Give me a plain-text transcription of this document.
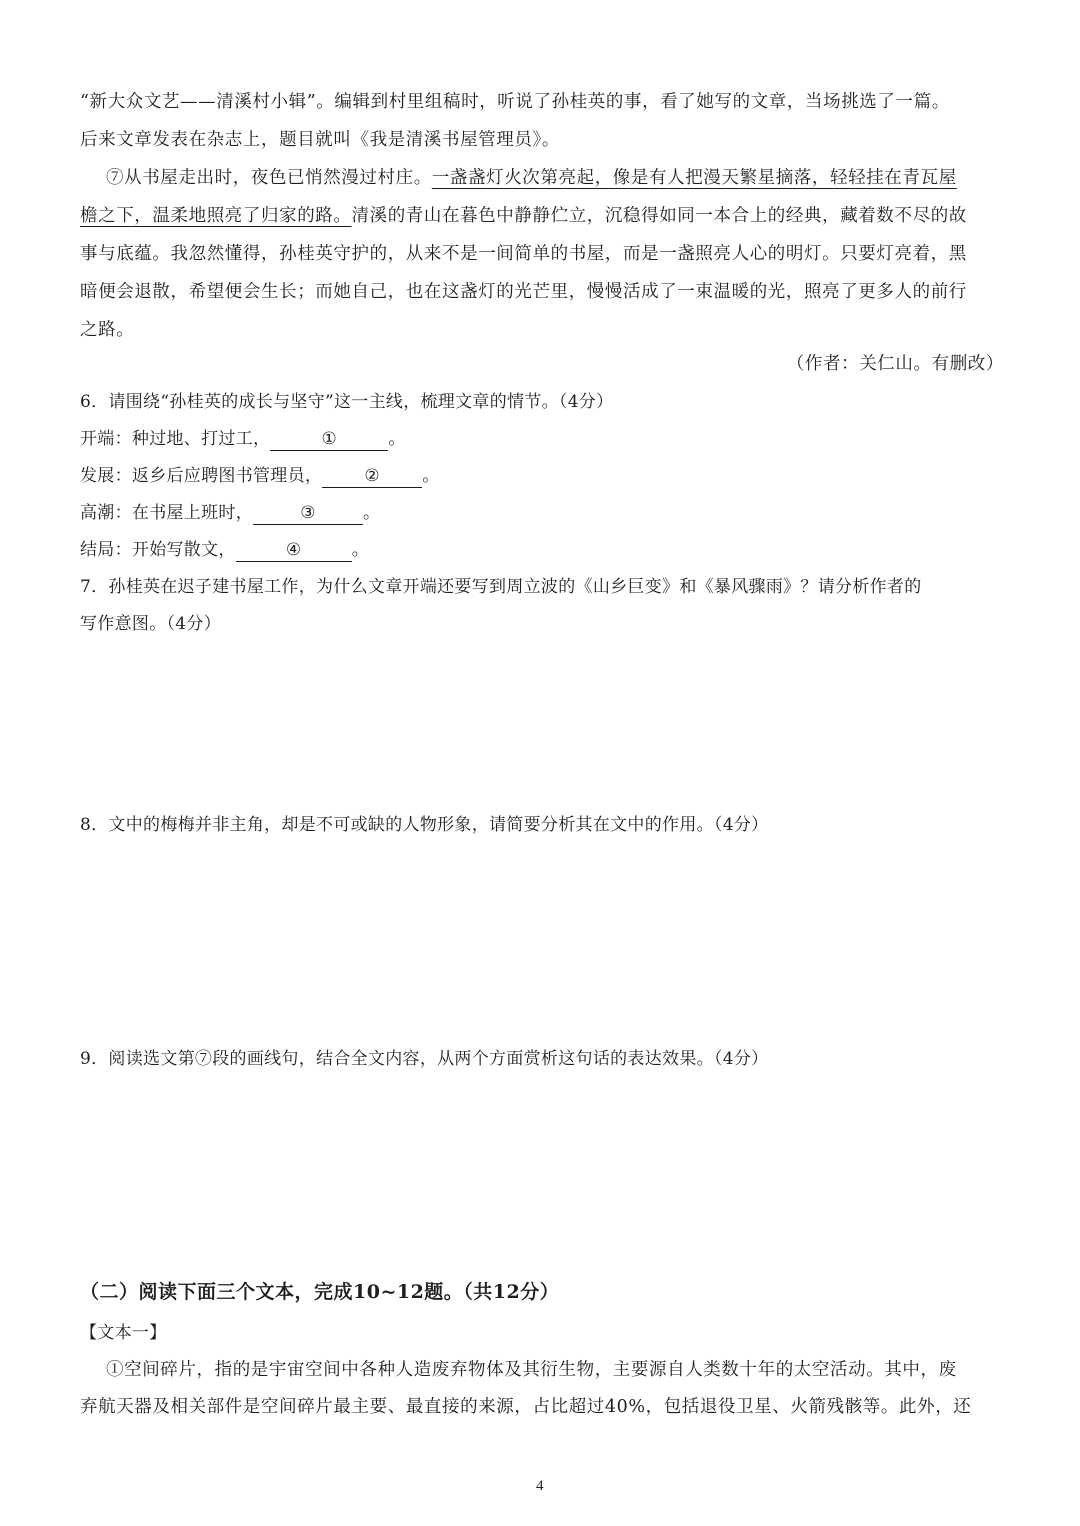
“新大众文艺——清溪村小辑”。编辑到村里组稿时，听说了孙桂英的事，看了她写的文章，当场挑选了一篇。
后来文章发表在杂志上，题目就叫《我是清溪书屋管理员》。
⑦从书屋走出时，夜色已悄然漫过村庄。一盏盏灯火次第亮起，像是有人把漫天繁星摘落，轻轻挂在青瓦屋
檐之下，温柔地照亮了归家的路。清溪的青山在暮色中静静伫立，沉稳得如同一本合上的经典，藏着数不尽的故
事与底蕴。我忽然懂得，孙桂英守护的，从来不是一间简单的书屋，而是一盏照亮人心的明灯。只要灯亮着，黑
暗便会退散，希望便会生长；而她自己，也在这盏灯的光芒里，慢慢活成了一束温暖的光，照亮了更多人的前行
之路。
（作者：关仁山。有删改）
6．请围绕“孙桂英的成长与坚守”这一主线，梳理文章的情节。（4分）
开端：种过地、打过工，	①	。
发展：返乡后应聘图书管理员， ② 。
高潮：在书屋上班时，	③	。
结局：开始写散文，	④	。
7．孙桂英在迟子建书屋工作，为什么文章开端还要写到周立波的《山乡巨变》和《暴风骤雨》？请分析作者的
写作意图。（4分）
8．文中的梅梅并非主角，却是不可或缺的人物形象，请简要分析其在文中的作用。（4分）
9．阅读选文第⑦段的画线句，结合全文内容，从两个方面赏析这句话的表达效果。（4分）
（二）阅读下面三个文本，完成10~12题。（共12分）
【文本一】
①空间碎片，指的是宇宙空间中各种人造废弃物体及其衍生物，主要源自人类数十年的太空活动。其中，废
弃航天器及相关部件是空间碎片最主要、最直接的来源，占比超过40%，包括退役卫星、火箭残骸等。此外，还
4
